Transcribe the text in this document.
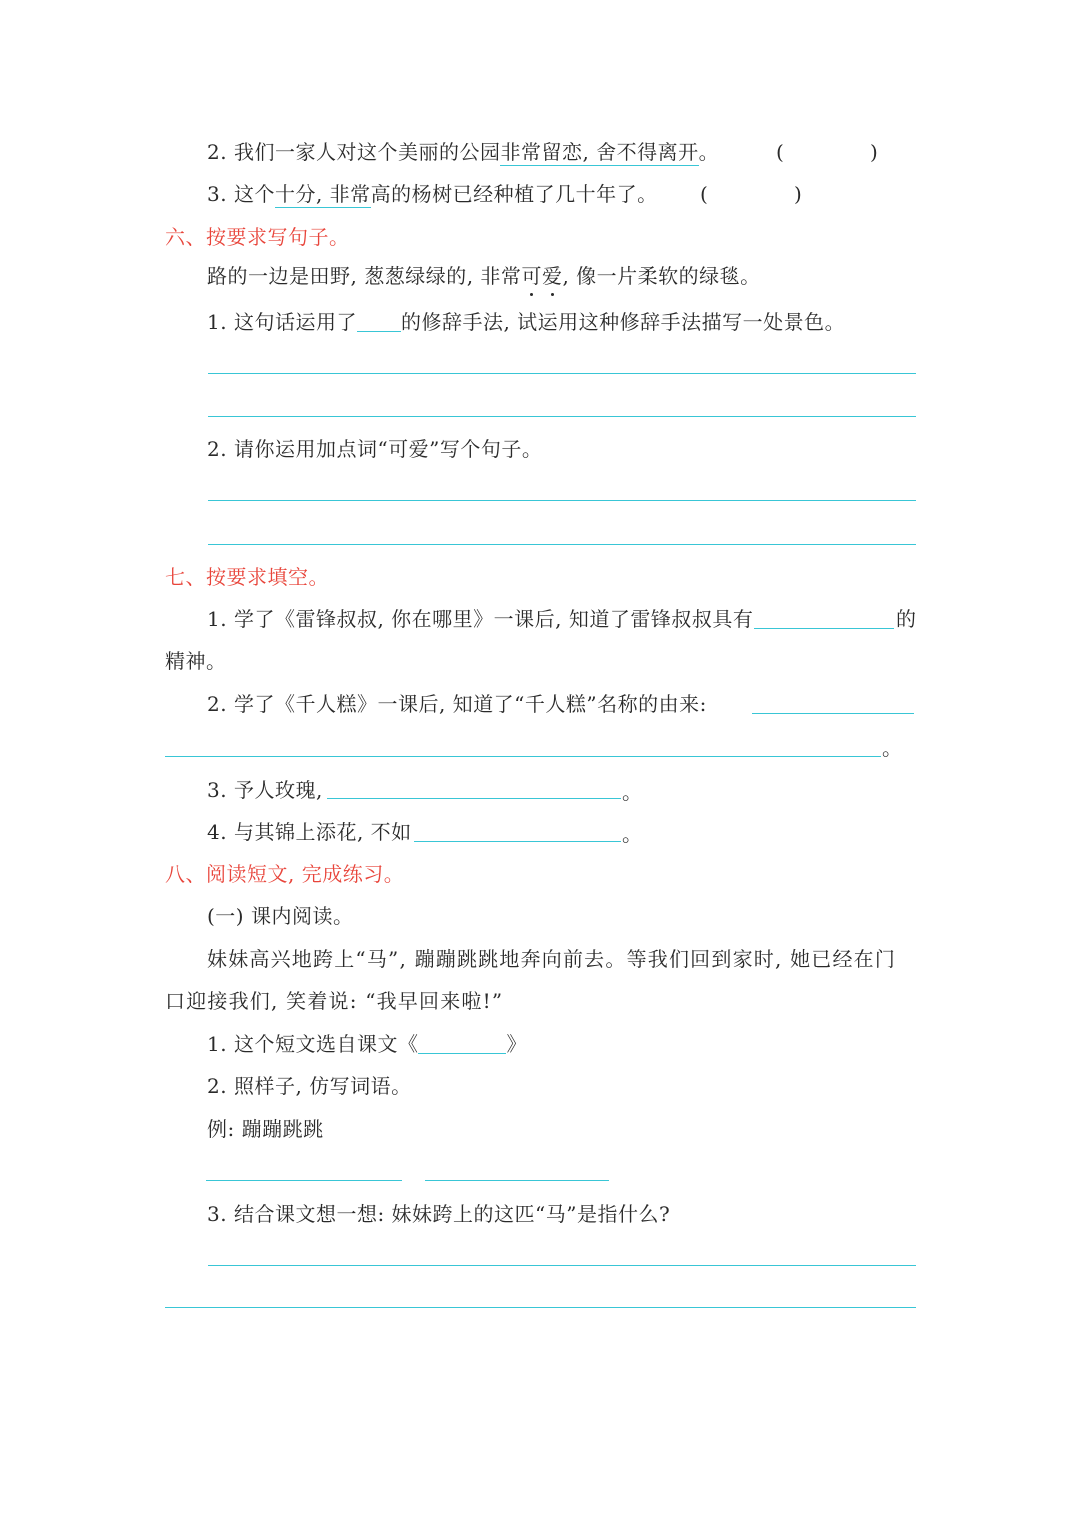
2. 我们一家人对这个美丽的公园非常留恋, 舍不得离开。	(	)
3. 这个十分, 非常高的杨树已经种植了几十年了。 (	)
六、按要求写句子。
路的一边是田野, 葱葱绿绿的, 非常可爱, 像一片柔软的绿毯。
1. 这句话运用了 的修辞手法, 试运用这种修辞手法描写一处景色。
2. 请你运用加点词“可爱”写个句子。
七、按要求填空。
1. 学了《雷锋叔叔, 你在哪里》一课后, 知道了雷锋叔叔具有	的
精神。
2. 学了《千人糕》一课后, 知道了“千人糕”名称的由来:
。
3. 予人玫瑰,	。
4. 与其锦上添花, 不如	。
八、阅读短文, 完成练习。
(一) 课内阅读。
妹妹高兴地跨上“马”, 蹦蹦跳跳地奔向前去。等我们回到家时, 她已经在门
口迎接我们, 笑着说: “我早回来啦!”
1. 这个短文选自课文《	》
2. 照样子, 仿写词语。
例: 蹦蹦跳跳
3. 结合课文想一想: 妹妹跨上的这匹“马”是指什么?
